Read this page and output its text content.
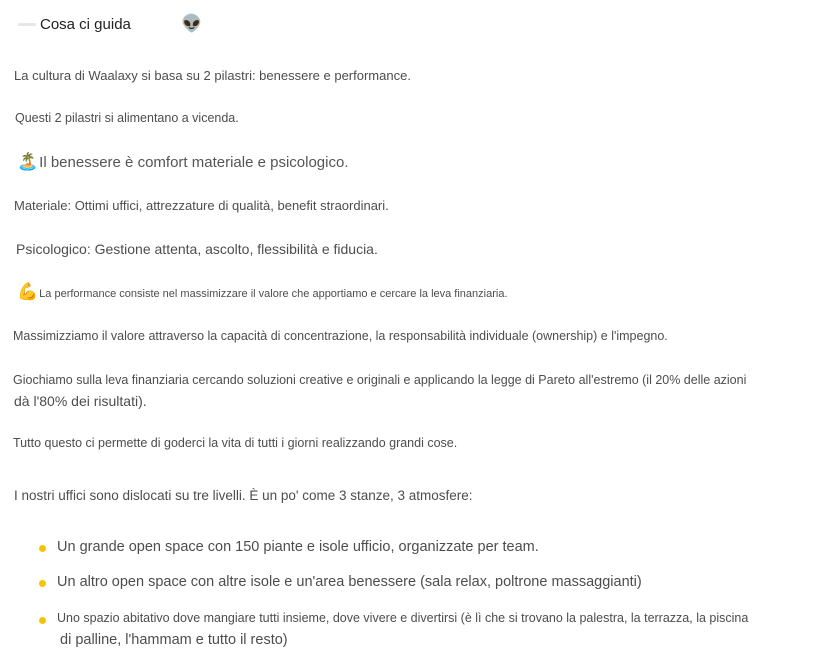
Cosa ci guida	👽
La cultura di Waalaxy si basa su 2 pilastri: benessere e performance.
Questi 2 pilastri si alimentano a vicenda.
🏝️Il benessere è comfort materiale e psicologico.
Materiale: Ottimi uffici, attrezzature di qualità, benefit straordinari.
Psicologico: Gestione attenta, ascolto, flessibilità e fiducia.
💪La performance consiste nel massimizzare il valore che apportiamo e cercare la leva finanziaria.
Massimizziamo il valore attraverso la capacità di concentrazione, la responsabilità individuale (ownership) e l'impegno.
Giochiamo sulla leva finanziaria cercando soluzioni creative e originali e applicando la legge di Pareto all'estremo (il 20% delle azioni
dà l'80% dei risultati).
Tutto questo ci permette di goderci la vita di tutti i giorni realizzando grandi cose.
I nostri uffici sono dislocati su tre livelli. È un po' come 3 stanze, 3 atmosfere:
Un grande open space con 150 piante e isole ufficio, organizzate per team.
Un altro open space con altre isole e un'area benessere (sala relax, poltrone massaggianti)
Uno spazio abitativo dove mangiare tutti insieme, dove vivere e divertirsi (è lì che si trovano la palestra, la terrazza, la piscina
di palline, l'hammam e tutto il resto)
